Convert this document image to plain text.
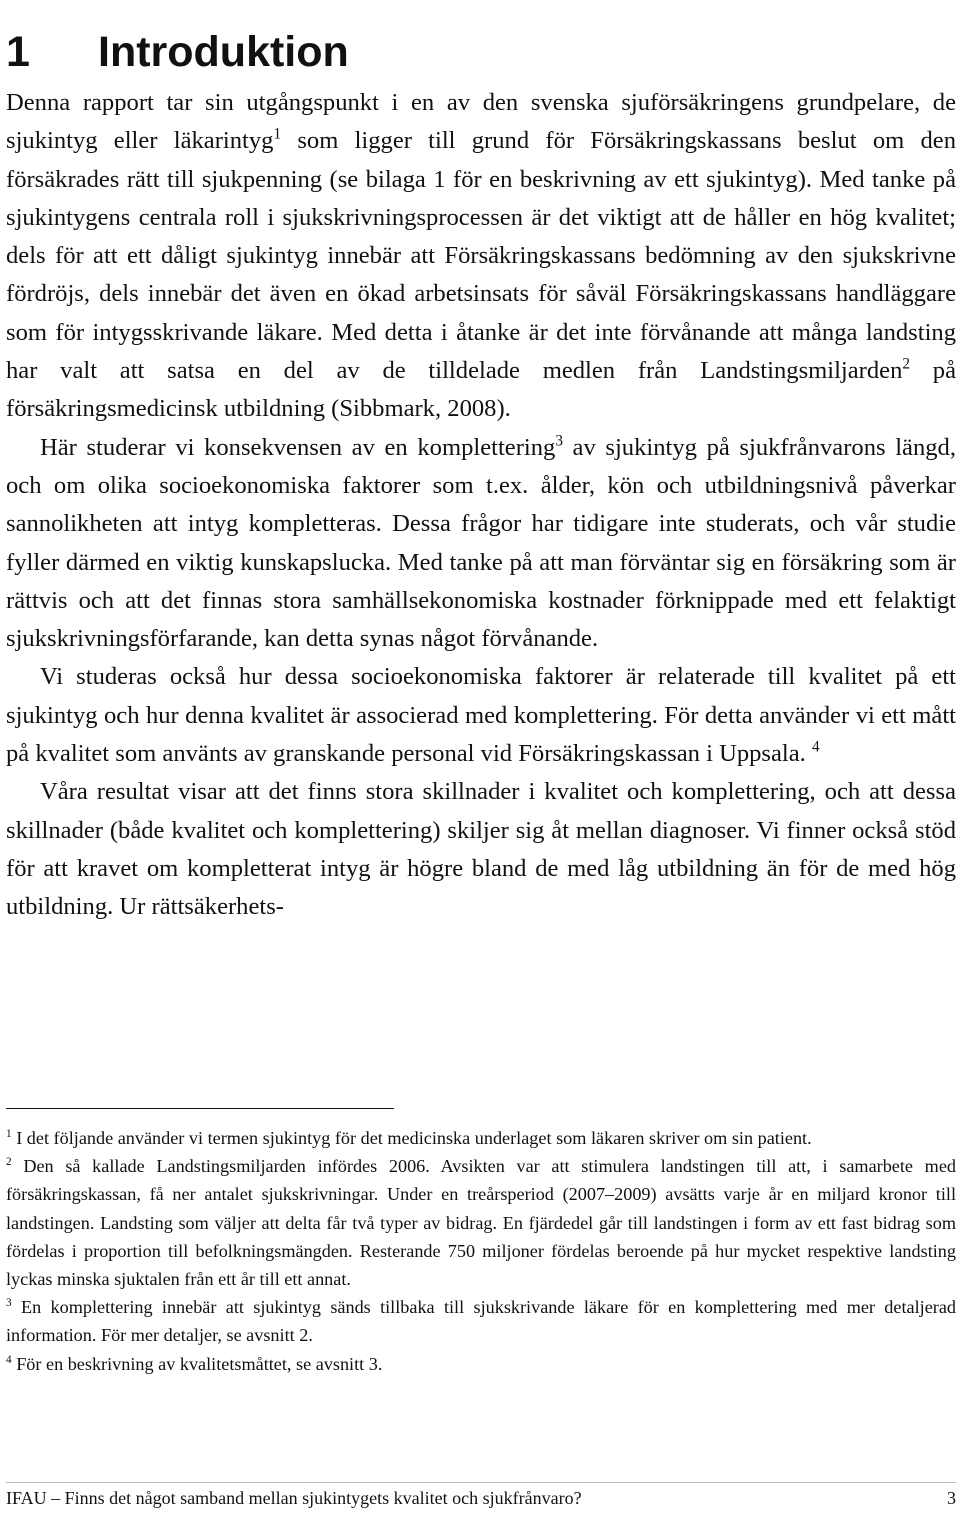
1 Introduktion

Denna rapport tar sin utgångspunkt i en av den svenska sjuförsäkringens grundpelare, de sjukintyg eller läkarintyg$^1$ som ligger till grund för Försäkringskassans beslut om den försäkrades rätt till sjukpenning (se bilaga 1 för en beskrivning av ett sjukintyg). Med tanke på sjukintygens centrala roll i sjukskrivningsprocessen är det viktigt att de håller en hög kvalitet; dels för att ett dåligt sjukintyg innebär att Försäkringskassans bedömning av den sjukskrivne fördröjs, dels innebär det även en ökad arbetsinsats för såväl Försäkringskassans handläggare som för intygsskrivande läkare. Med detta i åtanke är det inte förvånande att många landsting har valt att satsa en del av de tilldelade medlen från Landstingsmiljarden$^2$ på försäkringsmedicinsk utbildning (Sibbmark, 2008).

Här studerar vi konsekvensen av en komplettering$^3$ av sjukintyg på sjukfrånvarons längd, och om olika socioekonomiska faktorer som t.ex. ålder, kön och utbildningsnivå påverkar sannolikheten att intyg kompletteras. Dessa frågor har tidigare inte studerats, och vår studie fyller därmed en viktig kunskapslucka. Med tanke på att man förväntar sig en försäkring som är rättvis och att det finnas stora samhällsekonomiska kostnader förknippade med ett felaktigt sjukskrivningsförfarande, kan detta synas något förvånande.

Vi studeras också hur dessa socioekonomiska faktorer är relaterade till kvalitet på ett sjukintyg och hur denna kvalitet är associerad med komplettering. För detta använder vi ett mått på kvalitet som använts av granskande personal vid Försäkringskassan i Uppsala. $^4$

Våra resultat visar att det finns stora skillnader i kvalitet och komplettering, och att dessa skillnader (både kvalitet och komplettering) skiljer sig åt mellan diagnoser. Vi finner också stöd för att kravet om kompletterat intyg är högre bland de med låg utbildning än för de med hög utbildning. Ur rättsäkerhets-

$^1$ I det följande använder vi termen sjukintyg för det medicinska underlaget som läkaren skriver om sin patient.

$^2$ Den så kallade Landstingsmiljarden infördes 2006. Avsikten var att stimulera landstingen till att, i samarbete med försäkringskassan, få ner antalet sjukskrivningar. Under en treårsperiod (2007–2009) avsätts varje år en miljard kronor till landstingen. Landsting som väljer att delta får två typer av bidrag. En fjärdedel går till landstingen i form av ett fast bidrag som fördelas i proportion till befolkningsmängden. Resterande 750 miljoner fördelas beroende på hur mycket respektive landsting lyckas minska sjuktalen från ett år till ett annat.

$^3$ En komplettering innebär att sjukintyg sänds tillbaka till sjukskrivande läkare för en komplettering med mer detaljerad information. För mer detaljer, se avsnitt 2.

$^4$ För en beskrivning av kvalitetsmåttet, se avsnitt 3.

IFAU – Finns det något samband mellan sjukintygets kvalitet och sjukfrånvaro?	3
